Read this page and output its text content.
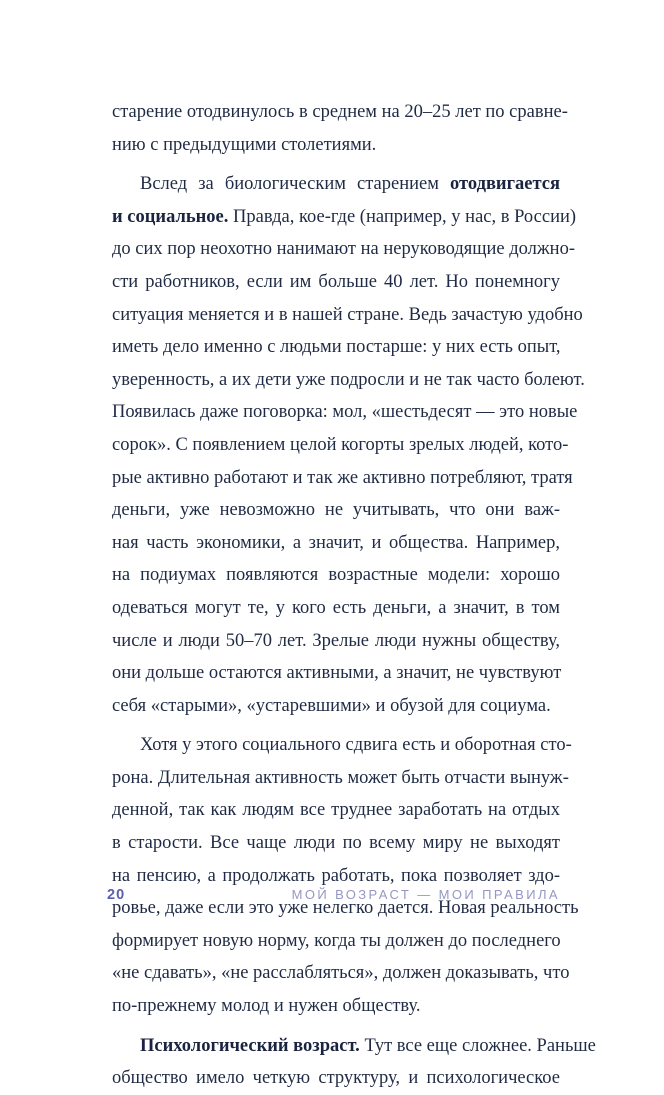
старение отодвинулось в среднем на 20–25 лет по сравне-
нию с предыдущими столетиями.
Вслед за биологическим старением отодвигается
и социальное. Правда, кое-где (например, у нас, в России)
до сих пор неохотно нанимают на неруководящие должно-
сти работников, если им больше 40 лет. Но понемногу
ситуация меняется и в нашей стране. Ведь зачастую удобно
иметь дело именно с людьми постарше: у них есть опыт,
уверенность, а их дети уже подросли и не так часто болеют.
Появилась даже поговорка: мол, «шестьдесят — это новые
сорок». С появлением целой когорты зрелых людей, кото-
рые активно работают и так же активно потребляют, тратя
деньги, уже невозможно не учитывать, что они важ-
ная часть экономики, а значит, и общества. Например,
на подиумах появляются возрастные модели: хорошо
одеваться могут те, у кого есть деньги, а значит, в том
числе и люди 50–70 лет. Зрелые люди нужны обществу,
они дольше остаются активными, а значит, не чувствуют
себя «старыми», «устаревшими» и обузой для социума.
Хотя у этого социального сдвига есть и оборотная сто-
рона. Длительная активность может быть отчасти вынуж-
денной, так как людям все труднее заработать на отдых
в старости. Все чаще люди по всему миру не выходят
на пенсию, а продолжать работать, пока позволяет здо-
ровье, даже если это уже нелегко дается. Новая реальность
формирует новую норму, когда ты должен до последнего
«не сдавать», «не расслабляться», должен доказывать, что
по-прежнему молод и нужен обществу.
Психологический возраст. Тут все еще сложнее. Раньше
общество имело четкую структуру, и психологическое
20	МОЙ ВОЗРАСТ — МОИ ПРАВИЛА
